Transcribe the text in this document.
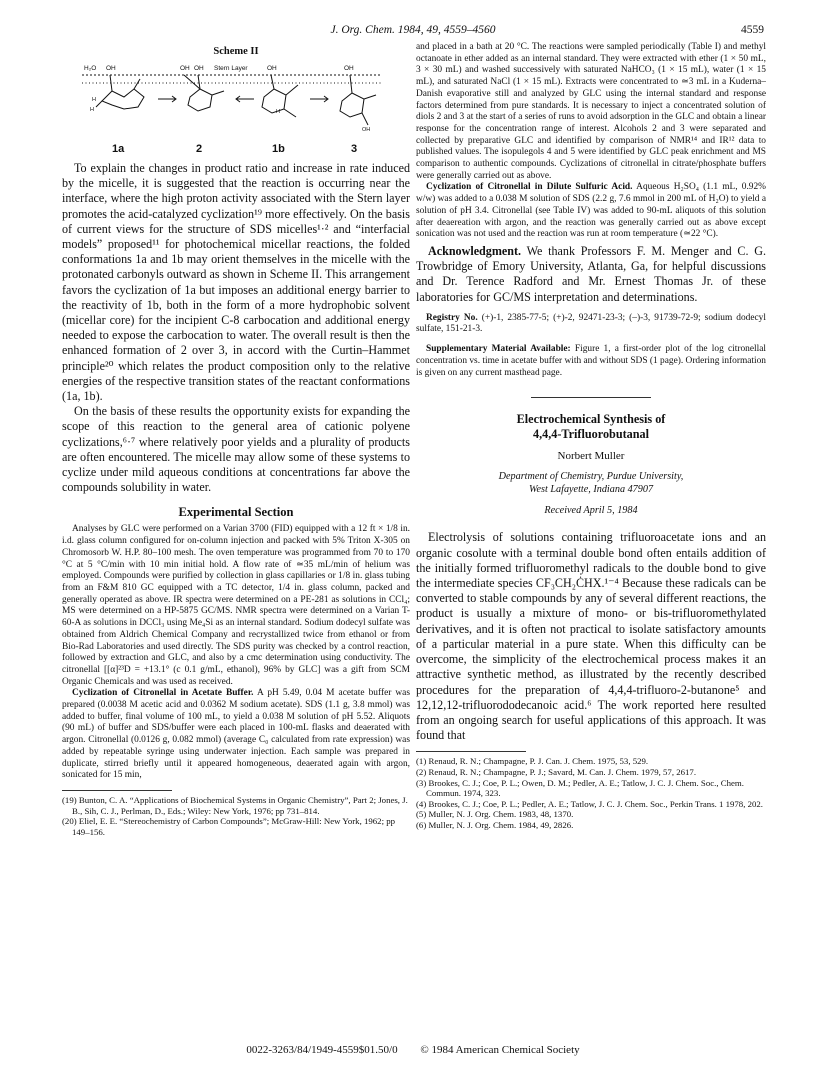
J. Org. Chem. 1984, 49, 4559–4560	4559
Scheme II
H₂O OH	OH OH Stern Layer	OH	OH
H
H	H
OH
1a	2	1b	3

To explain the changes in product ratio and increase in rate induced by the micelle, it is suggested that the reaction is occurring near the interface, where the high proton activity associated with the Stern layer promotes the acid-catalyzed cyclization¹⁹ more effectively. On the basis of current views for the structure of SDS micelles¹·² and “interfacial models” proposed¹¹ for photochemical micellar reactions, the folded conformations 1a and 1b may orient themselves in the micelle with the protonated carbonyls outward as shown in Scheme II. This arrangement favors the cyclization of 1a but imposes an additional energy barrier to the reactivity of 1b, both in the form of a more hydrophobic solvent (micellar core) for the incipient C-8 carbocation and additional energy needed to expose the carbocation to water. The overall result is then the enhanced formation of 2 over 3, in accord with the Curtin–Hammet principle²⁰ which relates the product composition only to the relative energies of the respective transition states of the reactant conformations (1a, 1b).

On the basis of these results the opportunity exists for expanding the scope of this reaction to the general area of cationic polyene cyclizations,⁶·⁷ where relatively poor yields and a plurality of products are often encountered. The micelle may allow some of these systems to cyclize under mild aqueous conditions at concentrations far above the compounds solubility in water.

Experimental Section

Analyses by GLC were performed on a Varian 3700 (FID) equipped with a 12 ft × 1/8 in. i.d. glass column configured for on-column injection and packed with 5% Triton X-305 on Chromosorb W. H.P. 80–100 mesh. The oven temperature was programmed from 70 to 170 °C at 5 °C/min with 10 min initial hold. A flow rate of ≃35 mL/min of helium was employed. Compounds were purified by collection in glass capillaries or 1/8 in. glass tubing from an F&M 810 GC equipped with a TC detector, 1/4 in. glass column, packed and generally operated as above. IR spectra were determined on a PE-281 as solutions in CCl₄; MS were determined on a HP-5875 GC/MS. NMR spectra were determined on a Varian T-60-A as solutions in DCCl₃ using Me₄Si as an internal standard. Sodium dodecyl sulfate was obtained from Aldrich Chemical Company and recrystallized twice from ethanol or from Bio-Rad Laboratories and used directly. The SDS purity was checked by a control reaction, followed by extraction and GLC, and also by a cmc determination using conductivity. The citronellal [[α]²³D = +13.1° (c 0.1 g/mL, ethanol), 96% by GLC] was a gift from SCM Organic Chemicals and was used as received.

Cyclization of Citronellal in Acetate Buffer. A pH 5.49, 0.04 M acetate buffer was prepared (0.0038 M acetic acid and 0.0362 M sodium acetate). SDS (1.1 g, 3.8 mmol) was added to buffer, final volume of 100 mL, to yield a 0.038 M solution of pH 5.52. Aliquots (90 mL) of buffer and SDS/buffer were each placed in 100-mL flasks and deaerated with argon. Citronellal (0.0126 g, 0.082 mmol) (average C₀ calculated from rate expression) was added by repeatable syringe using underwater injection. Each sample was prepared in duplicate, stirred briefly until it appeared homogeneous, deaerated again with argon, sonicated for 15 min,

(19) Bunton, C. A. “Applications of Biochemical Systems in Organic Chemistry”, Part 2; Jones, J. B., Sih, C. J., Perlman, D., Eds.; Wiley: New York, 1976; pp 731–814.

(20) Eliel, E. E. “Stereochemistry of Carbon Compounds”; McGraw-Hill: New York, 1962; pp 149–156.

and placed in a bath at 20 °C. The reactions were sampled periodically (Table I) and methyl octanoate in ether added as an internal standard. They were extracted with ether (1 × 50 mL, 3 × 30 mL) and washed successively with saturated NaHCO₃ (1 × 15 mL), water (1 × 15 mL), and saturated NaCl (1 × 15 mL). Extracts were concentrated to ≃3 mL in a Kuderna–Danish evaporative still and analyzed by GLC using the internal standard and response factors determined from pure standards. It is necessary to inject a concentrated solution of diols 2 and 3 at the start of a series of runs to avoid adsorption in the GLC and obtain a linear response for the concentration range of interest. Alcohols 2 and 3 were separated and collected by preparative GLC and identified by comparison of NMR¹⁴ and IR¹² data to published values. The isopulegols 4 and 5 were identified by GLC peak enrichment and MS comparison to authentic compounds. Cyclizations of citronellal in citrate/phosphate buffers were generally carried out as above.

Cyclization of Citronellal in Dilute Sulfuric Acid. Aqueous H₂SO₄ (1.1 mL, 0.92% w/w) was added to a 0.038 M solution of SDS (2.2 g, 7.6 mmol in 200 mL of H₂O) to yield a solution of pH 3.4. Citronellal (see Table IV) was added to 90-mL aliquots of this solution after deaereation with argon, and the reaction was generally carried out as above except sonication was not used and the reaction was run at room temperature (≃22 °C).

Acknowledgment. We thank Professors F. M. Menger and C. G. Trowbridge of Emory University, Atlanta, Ga, for helpful discussions and Dr. Terence Radford and Mr. Ernest Thomas Jr. of these laboratories for GC/MS interpretation and determinations.

Registry No. (+)-1, 2385-77-5; (+)-2, 92471-23-3; (–)-3, 91739-72-9; sodium dodecyl sulfate, 151-21-3.

Supplementary Material Available: Figure 1, a first-order plot of the log citronellal concentration vs. time in acetate buffer with and without SDS (1 page). Ordering information is given on any current masthead page.

Electrochemical Synthesis of
4,4,4-Trifluorobutanal
Norbert Muller
Department of Chemistry, Purdue University,
West Lafayette, Indiana 47907
Received April 5, 1984

Electrolysis of solutions containing trifluoroacetate ions and an organic cosolute with a terminal double bond often entails addition of the initially formed trifluoromethyl radicals to the double bond to give the intermediate species CF₃CH₂ĊHX.¹⁻⁴ Because these radicals can be converted to stable compounds by any of several different reactions, the product is usually a mixture of mono- or bis-trifluoromethylated derivatives, and it is often not practical to isolate satisfactory amounts of a particular material in a pure state. When this difficulty can be overcome, the simplicity of the electrochemical process makes it an attractive synthetic method, as illustrated by the recently described procedures for the preparation of 4,4,4-trifluoro-2-butanone⁵ and 12,12,12-trifluorododecanoic acid.⁶ The work reported here resulted from an ongoing search for useful applications of this approach. It was found that

(1) Renaud, R. N.; Champagne, P. J. Can. J. Chem. 1975, 53, 529.

(2) Renaud, R. N.; Champagne, P. J.; Savard, M. Can. J. Chem. 1979, 57, 2617.

(3) Brookes, C. J.; Coe, P. L.; Owen, D. M.; Pedler, A. E.; Tatlow, J. C. J. Chem. Soc., Chem. Commun. 1974, 323.

(4) Brookes, C. J.; Coe, P. L.; Pedler, A. E.; Tatlow, J. C. J. Chem. Soc., Perkin Trans. 1 1978, 202.

(5) Muller, N. J. Org. Chem. 1983, 48, 1370.

(6) Muller, N. J. Org. Chem. 1984, 49, 2826.

0022-3263/84/1949-4559$01.50/0 © 1984 American Chemical Society
